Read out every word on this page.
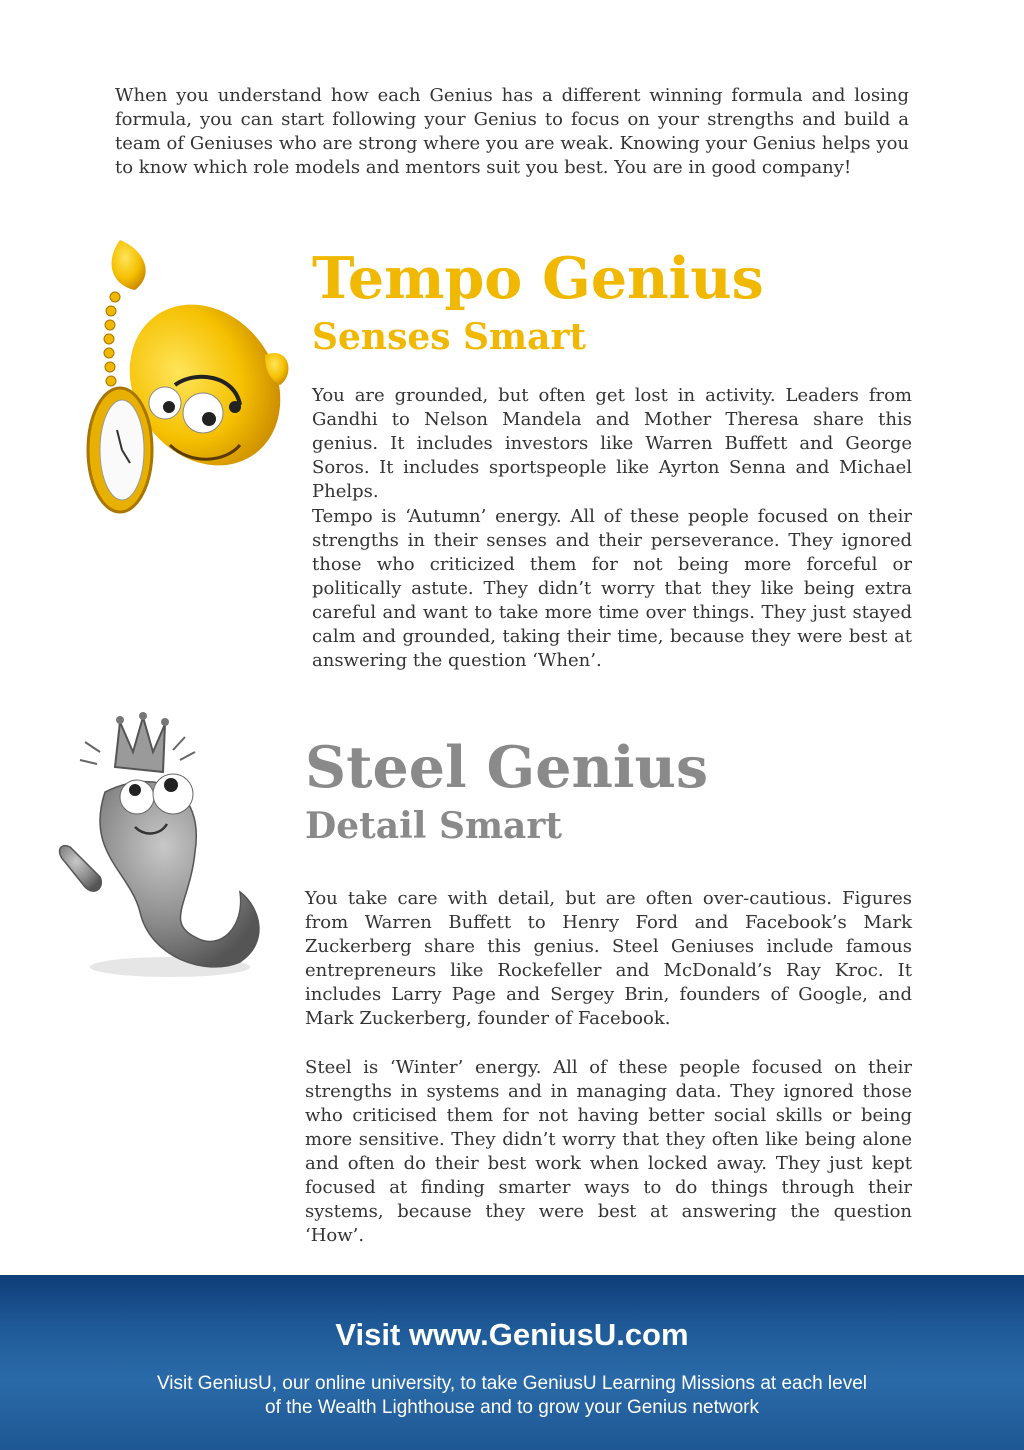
When you understand how each Genius has a different winning formula and losing formula, you can start following your Genius to focus on your strengths and build a team of Geniuses who are strong where you are weak. Knowing your Genius helps you to know which role models and mentors suit you best. You are in good company!

Tempo Genius
Senses Smart

You are grounded, but often get lost in activity. Leaders from Gandhi to Nelson Mandela and Mother Theresa share this genius. It includes investors like Warren Buffett and George Soros. It includes sportspeople like Ayrton Senna and Michael Phelps.

Tempo is ‘Autumn’ energy. All of these people focused on their strengths in their senses and their perseverance. They ignored those who criticized them for not being more forceful or politically astute. They didn’t worry that they like being extra careful and want to take more time over things. They just stayed calm and grounded, taking their time, because they were best at answering the question ‘When’.

Steel Genius
Detail Smart

You take care with detail, but are often over-cautious. Figures from Warren Buffett to Henry Ford and Facebook’s Mark Zuckerberg share this genius. Steel Geniuses include famous entrepreneurs like Rockefeller and McDonald’s Ray Kroc. It includes Larry Page and Sergey Brin, founders of Google, and Mark Zuckerberg, founder of Facebook.

Steel is ‘Winter’ energy. All of these people focused on their strengths in systems and in managing data. They ignored those who criticised them for not having better social skills or being more sensitive. They didn’t worry that they often like being alone and often do their best work when locked away. They just kept focused at finding smarter ways to do things through their systems, because they were best at answering the question ‘How’.

Visit www.GeniusU.com

Visit GeniusU, our online university, to take GeniusU Learning Missions at each level of the Wealth Lighthouse and to grow your Genius network
